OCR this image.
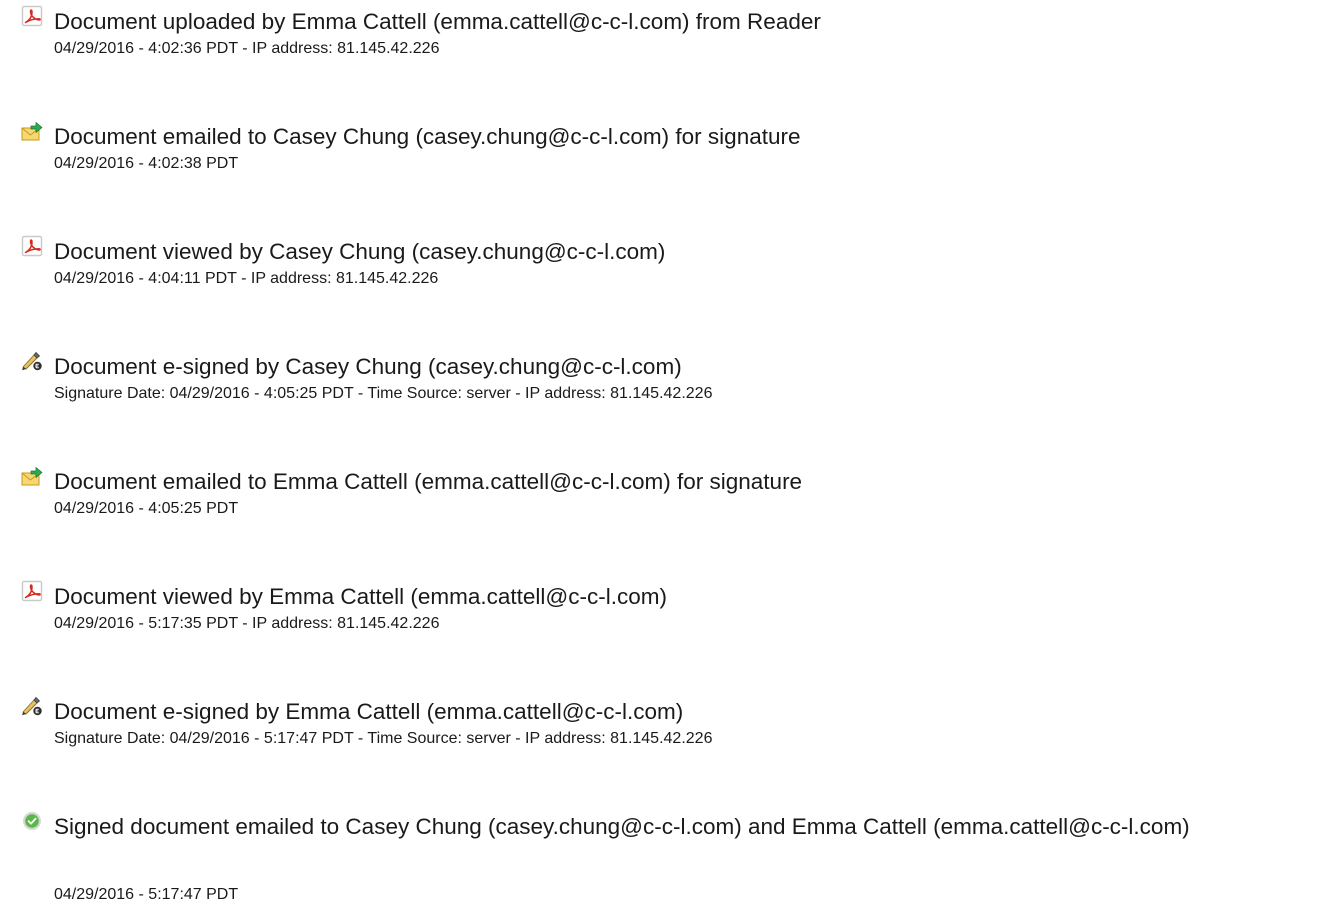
Document uploaded by Emma Cattell (emma.cattell@c-c-l.com) from Reader
04/29/2016 - 4:02:36 PDT - IP address: 81.145.42.226
Document emailed to Casey Chung (casey.chung@c-c-l.com) for signature
04/29/2016 - 4:02:38 PDT
Document viewed by Casey Chung (casey.chung@c-c-l.com)
04/29/2016 - 4:04:11 PDT - IP address: 81.145.42.226
Document e-signed by Casey Chung (casey.chung@c-c-l.com)
Signature Date: 04/29/2016 - 4:05:25 PDT - Time Source: server - IP address: 81.145.42.226
Document emailed to Emma Cattell (emma.cattell@c-c-l.com) for signature
04/29/2016 - 4:05:25 PDT
Document viewed by Emma Cattell (emma.cattell@c-c-l.com)
04/29/2016 - 5:17:35 PDT - IP address: 81.145.42.226
Document e-signed by Emma Cattell (emma.cattell@c-c-l.com)
Signature Date: 04/29/2016 - 5:17:47 PDT - Time Source: server - IP address: 81.145.42.226
Signed document emailed to Casey Chung (casey.chung@c-c-l.com) and Emma Cattell (emma.cattell@c-c-l.com)
04/29/2016 - 5:17:47 PDT
